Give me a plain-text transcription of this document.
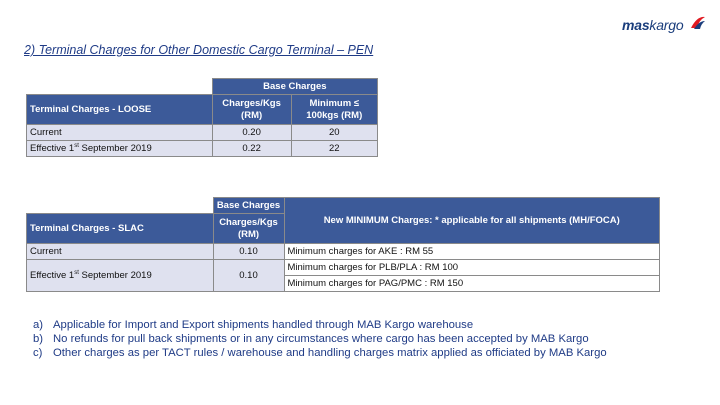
maskargo
2) Terminal Charges for Other Domestic Cargo Terminal – PEN
	Base Charges	
Terminal Charges - LOOSE	Charges/Kgs (RM)	Minimum ≤ 100kgs (RM)
Current	0.20	20
Effective 1st September 2019	0.22	22
	Base Charges	New MINIMUM Charges: * applicable for all shipments (MH/FOCA)
Terminal Charges - SLAC	Charges/Kgs (RM)	
Current	0.10	Minimum charges for AKE : RM 55
Effective 1st September 2019	0.10	Minimum charges for PLB/PLA : RM 100
		Minimum charges for PAG/PMC : RM 150
a) Applicable for Import and Export shipments handled through MAB Kargo warehouse
b) No refunds for pull back shipments or in any circumstances where cargo has been accepted by MAB Kargo
c) Other charges as per TACT rules / warehouse and handling charges matrix applied as officiated by MAB Kargo
